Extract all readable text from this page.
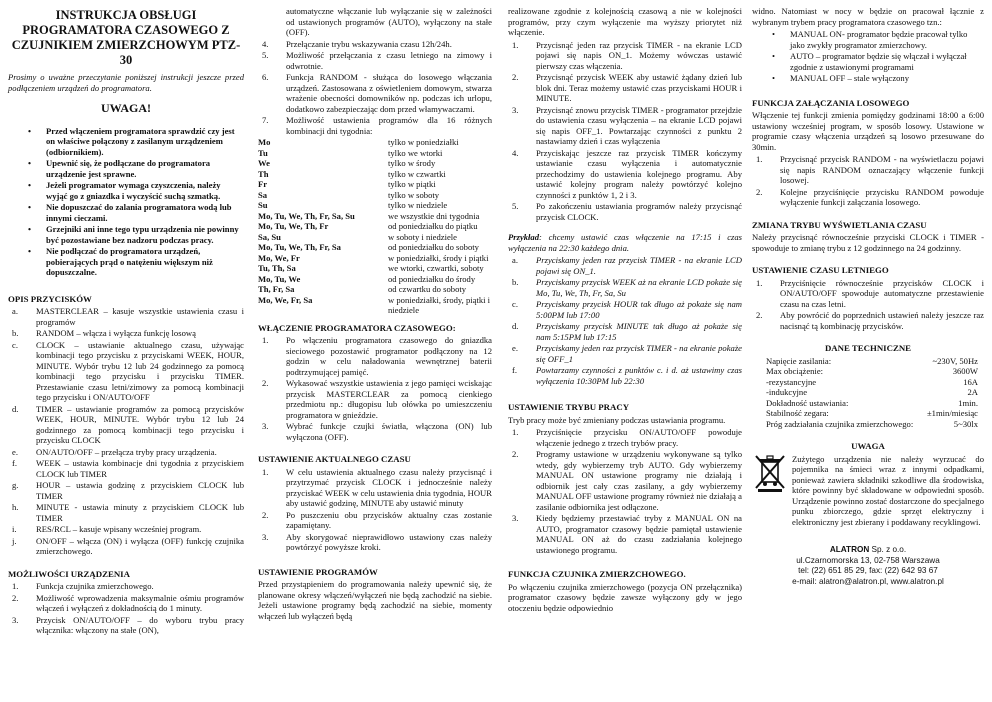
INSTRUKCJA OBSŁUGI PROGRAMATORA CZASOWEGO Z CZUJNIKIEM ZMIERZCHOWYM PTZ-30

Prosimy o uważne przeczytanie poniższej instrukcji jeszcze przed podłączeniem urządzeń do programatora.

UWAGA!
•	Przed włączeniem programatora sprawdzić czy jest on właściwe połączony z zasilanym urządzeniem (odbiornikiem).
•	Upewnić się, że podłączane do programatora urządzenie jest sprawne.
•	Jeżeli programator wymaga czyszczenia, należy wyjąć go z gniazdka i wyczyścić suchą szmatką.
•	Nie dopuszczać do zalania programatora wodą lub innymi cieczami.
•	Grzejniki ani inne tego typu urządzenia nie powinny być pozostawiane bez nadzoru podczas pracy.
•	Nie podłączać do programatora urządzeń, pobierających prąd o natężeniu większym niż dopuszczalne.
OPIS PRZYCISKÓW
a.	MASTERCLEAR – kasuje wszystkie ustawienia czasu i programów
b.	RANDOM – włącza i wyłącza funkcję losową
c.	CLOCK – ustawianie aktualnego czasu, używając kombinacji tego przycisku z przyciskami WEEK, HOUR, MINUTE. Wybór trybu 12 lub 24 godzinnego za pomocą kombinacji tego przycisku i przycisku TIMER. Przestawianie czasu letni/zimowy za pomocą kombinacji tego przycisku i ON/AUTO/OFF
d.	TIMER – ustawianie programów za pomocą przycisków WEEK, HOUR, MINUTE. Wybór trybu 12 lub 24 godzinnego za pomocą kombinacji tego przycisku i przycisku CLOCK
e.	ON/AUTO/OFF – przełącza tryby pracy urządzenia.
f.	WEEK – ustawia kombinacje dni tygodnia z przyciskiem CLOCK lub TIMER
g.	HOUR – ustawia godzinę z przyciskiem CLOCK lub TIMER
h.	MINUTE - ustawia minuty z przyciskiem CLOCK lub TIMER
i.	RES/RCL – kasuje wpisany wcześniej program.
j.	ON/OFF – włącza (ON) i wyłącza (OFF) funkcję czujnika zmierzchowego.
MOŻLIWOŚCI URZĄDZENIA
1.	Funkcja czujnika zmierzchowego.
2.	Możliwość wprowadzenia maksymalnie ośmiu programów włączeń i wyłączeń z dokładnością do 1 minuty.
3.	Przycisk ON/AUTO/OFF – do wyboru trybu pracy włącznika: włączony na stałe (ON),
automatyczne włączanie lub wyłączanie się w zależności od ustawionych programów (AUTO), wyłączony na stałe (OFF).
4.	Przełączanie trybu wskazywania czasu 12h/24h.
5.	Możliwość przełączania z czasu letniego na zimowy i odwrotnie.
6.	Funkcja RANDOM - służąca do losowego włączania urządzeń. Zastosowana z oświetleniem domowym, stwarza wrażenie obecności domowników np. podczas ich urlopu, dodatkowo zabezpieczając dom przed włamywaczami.
7.	Możliwość ustawienia programów dla 16 różnych kombinacji dni tygodnia:
Mo	tylko w poniedziałki
Tu	tylko we wtorki
We	tylko w środy
Th	tylko w czwartki
Fr	tylko w piątki
Sa	tylko w soboty
Su	tylko w niedziele
Mo, Tu, We, Th, Fr, Sa, Su	we wszystkie dni tygodnia
Mo, Tu, We, Th, Fr	od poniedziałku do piątku
Sa, Su	w soboty i niedziele
Mo, Tu, We, Th, Fr, Sa	od poniedziałku do soboty
Mo, We, Fr	w poniedziałki, środy i piątki
Tu, Th, Sa	we wtorki, czwartki, soboty
Mo, Tu, We	od poniedziałku do środy
Th, Fr, Sa	od czwartku do soboty
Mo, We, Fr, Sa	w poniedziałki, środy, piątki i niedziele
WŁĄCZENIE PROGRAMATORA CZASOWEGO:
1.	Po włączeniu programatora czasowego do gniazdka sieciowego pozostawić programator podłączony na 12 godzin w celu naładowania wewnętrznej baterii podtrzymującej pamięć.
2.	Wykasować wszystkie ustawienia z jego pamięci wciskając przycisk MASTERCLEAR za pomocą cienkiego przedmiotu np.: długopisu lub ołówka po umieszczeniu programatora w gnieździe.
3.	Wybrać funkcje czujki światła, włączona (ON) lub wyłączona (OFF).
USTAWIENIE AKTUALNEGO CZASU
1.	W celu ustawienia aktualnego czasu należy przycisnąć i przytrzymać przycisk CLOCK i jednocześnie należy przyciskać WEEK w celu ustawienia dnia tygodnia, HOUR aby ustawić godzinę, MINUTE aby ustawić minuty
2.	Po puszczeniu obu przycisków aktualny czas zostanie zapamiętany.
3.	Aby skorygować nieprawidłowo ustawiony czas należy powtórzyć powyższe kroki.
USTAWIENIE PROGRAMÓW

Przed przystąpieniem do programowania należy upewnić się, że planowane okresy włączeń/wyłączeń nie będą zachodzić na siebie. Jeżeli ustawione programy będą zachodzić na siebie, momenty włączeń lub wyłączeń będą

realizowane zgodnie z kolejnością czasową a nie w kolejności programów, przy czym wyłączenie ma wyższy priorytet niż włączenie.

1.	Przycisnąć jeden raz przycisk TIMER - na ekranie LCD pojawi się napis ON_1. Możemy wówczas ustawić pierwszy czas włączenia.
2.	Przycisnąć przycisk WEEK aby ustawić żądany dzień lub blok dni. Teraz możemy ustawić czas przyciskami HOUR i MINUTE.
3.	Przycisnąć znowu przycisk TIMER - programator przejdzie do ustawienia czasu wyłączenia – na ekranie LCD pojawi się napis OFF_1. Powtarzając czynności z punktu 2 nastawiamy dzień i czas wyłączenia
4.	Przyciskając jeszcze raz przycisk TIMER kończymy ustawianie czasu wyłączenia i automatycznie przechodzimy do ustawienia kolejnego programu. Aby ustawić kolejny program należy powtórzyć kolejno czynności z punktów 1, 2 i 3.
5.	Po zakończeniu ustawiania programów należy przycisnąć przycisk CLOCK.

Przykład: chcemy ustawić czas włączenie na 17:15 i czas wyłączenia na 22:30 każdego dnia.

a.	Przyciskamy jeden raz przycisk TIMER - na ekranie LCD pojawi się ON_1.
b.	Przyciskamy przycisk WEEK aż na ekranie LCD pokaże się Mo, Tu, We, Th, Fr, Sa, Su
c.	Przyciskamy przycisk HOUR tak długo aż pokaże się nam 5:00PM lub 17:00
d.	Przyciskamy przycisk MINUTE tak długo aż pokaże się nam 5:15PM lub 17:15
e.	Przyciskamy jeden raz przycisk TIMER - na ekranie pokaże się OFF_1
f.	Powtarzamy czynności z punktów c. i d. aż ustawimy czas wyłączenia 10:30PM lub 22:30
USTAWIENIE TRYBU PRACY

Tryb pracy może być zmieniany podczas ustawiania programu.

1.	Przyciśnięcie przycisku ON/AUTO/OFF powoduje włączenie jednego z trzech trybów pracy.
2.	Programy ustawione w urządzeniu wykonywane są tylko wtedy, gdy wybierzemy tryb AUTO. Gdy wybierzemy MANUAL ON ustawione programy nie działają i odbiornik jest cały czas zasilany, a gdy wybierzemy MANUAL OFF ustawione programy również nie działają a zasilanie odbiornika jest odłączone.
3.	Kiedy będziemy przestawiać tryby z MANUAL ON na AUTO, programator czasowy będzie pamiętał ustawienie MANUAL ON aż do czasu zadziałania kolejnego ustawionego programu.
FUNKCJA CZUJNIKA ZMIERZCHOWEGO.

Po włączeniu czujnika zmierzchowego (pozycja ON przełącznika) programator czasowy będzie zawsze wyłączony gdy w jego otoczeniu będzie odpowiednio

widno. Natomiast w nocy w będzie on pracował łącznie z wybranym trybem pracy programatora czasowego tzn.:

•	MANUAL ON- programator będzie pracował tylko jako zwykły programator zmierzchowy.
•	AUTO – programator będzie się włączał i wyłączał zgodnie z ustawionymi programami
•	MANUAL OFF – stale wyłączony
FUNKCJA ZAŁĄCZANIA LOSOWEGO

Włączenie tej funkcji zmienia pomiędzy godzinami 18:00 a 6:00 ustawiony wcześniej program, w sposób losowy. Ustawione w programie czasy włączenia urządzeń są losowo przesuwane do 30min.

1.	Przycisnąć przycisk RANDOM - na wyświetlaczu pojawi się napis RANDOM oznaczający włączenie funkcji losowej.
2.	Kolejne przyciśnięcie przycisku RANDOM powoduje wyłączenie funkcji załączania losowego.
ZMIANA TRYBU WYŚWIETLANIA CZASU

Należy przycisnąć równocześnie przyciski CLOCK i TIMER - spowoduje to zmianę trybu z 12 godzinnego na 24 godzinny.

USTAWIENIE CZASU LETNIEGO
1.	Przyciśnięcie równocześnie przycisków CLOCK i ON/AUTO/OFF spowoduje automatyczne przestawienie czasu na czas letni.
2.	Aby powrócić do poprzednich ustawień należy jeszcze raz nacisnąć tą kombinację przycisków.
DANE TECHNICZNE
Napięcie zasilania:	~230V, 50Hz
Max obciążenie:	3600W
-rezystancyjne	16A
-indukcyjne	2A
Dokładność ustawiania:	1min.
Stabilność zegara:	±1min/miesiąc
Próg zadziałania czujnika zmierzchowego:	5~30lx
UWAGA

Zużytego urządzenia nie należy wyrzucać do pojemnika na śmieci wraz z innymi odpadkami, ponieważ zawiera składniki szkodliwe dla środowiska, które powinny być składowane w odpowiedni sposób. Urządzenie powinno zostać dostarczone do specjalnego punku zbiorczego, gdzie sprzęt elektryczny i elektroniczny jest zbierany i poddawany recyklingowi.

ALATRON Sp. z o.o.
ul.Czarnomorska 13, 02-758 Warszawa
tel: (22) 651 85 29, fax: (22) 642 93 67
e-mail: alatron@alatron.pl, www.alatron.pl
